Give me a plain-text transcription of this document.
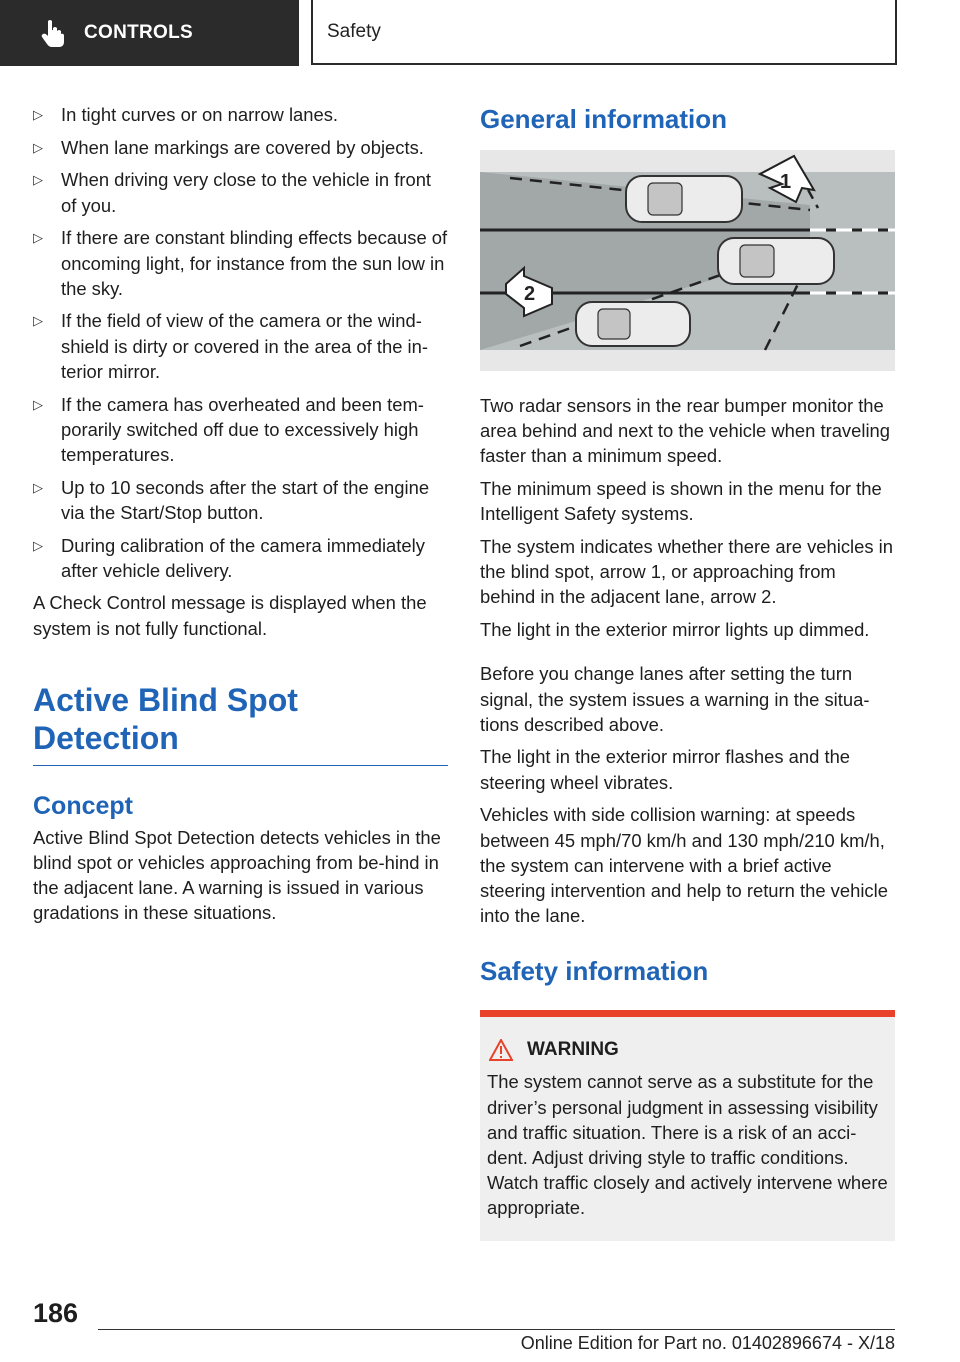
CONTROLS	Safety
▷ In tight curves or on narrow lanes.
▷ When lane markings are covered by objects.
▷ When driving very close to the vehicle in front of you.
▷ If there are constant blinding effects because of oncoming light, for instance from the sun low in the sky.
▷ If the field of view of the camera or the wind-shield is dirty or covered in the area of the in-terior mirror.
▷ If the camera has overheated and been tem-porarily switched off due to excessively high temperatures.
▷ Up to 10 seconds after the start of the engine via the Start/Stop button.
▷ During calibration of the camera immediately after vehicle delivery.

A Check Control message is displayed when the system is not fully functional.

Active Blind Spot Detection
Concept

Active Blind Spot Detection detects vehicles in the blind spot or vehicles approaching from be-hind in the adjacent lane. A warning is issued in various gradations in these situations.

General information
1
2

Two radar sensors in the rear bumper monitor the area behind and next to the vehicle when traveling faster than a minimum speed.

The minimum speed is shown in the menu for the Intelligent Safety systems.

The system indicates whether there are vehicles in the blind spot, arrow 1, or approaching from behind in the adjacent lane, arrow 2.

The light in the exterior mirror lights up dimmed.

Before you change lanes after setting the turn signal, the system issues a warning in the situa-tions described above.

The light in the exterior mirror flashes and the steering wheel vibrates.

Vehicles with side collision warning: at speeds between 45 mph/70 km/h and 130 mph/210 km/h, the system can intervene with a brief active steering intervention and help to return the vehicle into the lane.

Safety information
WARNING

The system cannot serve as a substitute for the driver’s personal judgment in assessing visibility and traffic situation. There is a risk of an acci-dent. Adjust driving style to traffic conditions. Watch traffic closely and actively intervene where appropriate.

186
Online Edition for Part no. 01402896674 - X/18
